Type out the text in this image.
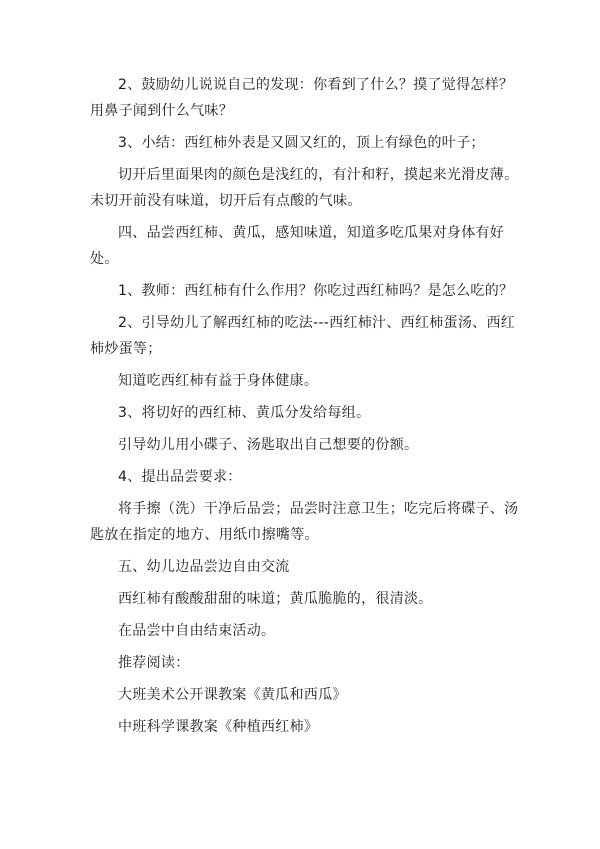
2、鼓励幼儿说说自己的发现：你看到了什么？摸了觉得怎样？用鼻子闻到什么气味？

3、小结：西红柿外表是又圆又红的，顶上有绿色的叶子；

切开后里面果肉的颜色是浅红的，有汁和籽，摸起来光滑皮薄。未切开前没有味道，切开后有点酸的气味。

四、品尝西红柿、黄瓜，感知味道，知道多吃瓜果对身体有好处。

1、教师：西红柿有什么作用？你吃过西红柿吗？是怎么吃的？

2、引导幼儿了解西红柿的吃法---西红柿汁、西红柿蛋汤、西红柿炒蛋等；

知道吃西红柿有益于身体健康。

3、将切好的西红柿、黄瓜分发给每组。

引导幼儿用小碟子、汤匙取出自己想要的份额。

4、提出品尝要求：

将手擦（洗）干净后品尝；品尝时注意卫生；吃完后将碟子、汤匙放在指定的地方、用纸巾擦嘴等。

五、幼儿边品尝边自由交流

西红柿有酸酸甜甜的味道；黄瓜脆脆的，很清淡。

在品尝中自由结束活动。

推荐阅读：

大班美术公开课教案《黄瓜和西瓜》

中班科学课教案《种植西红柿》
